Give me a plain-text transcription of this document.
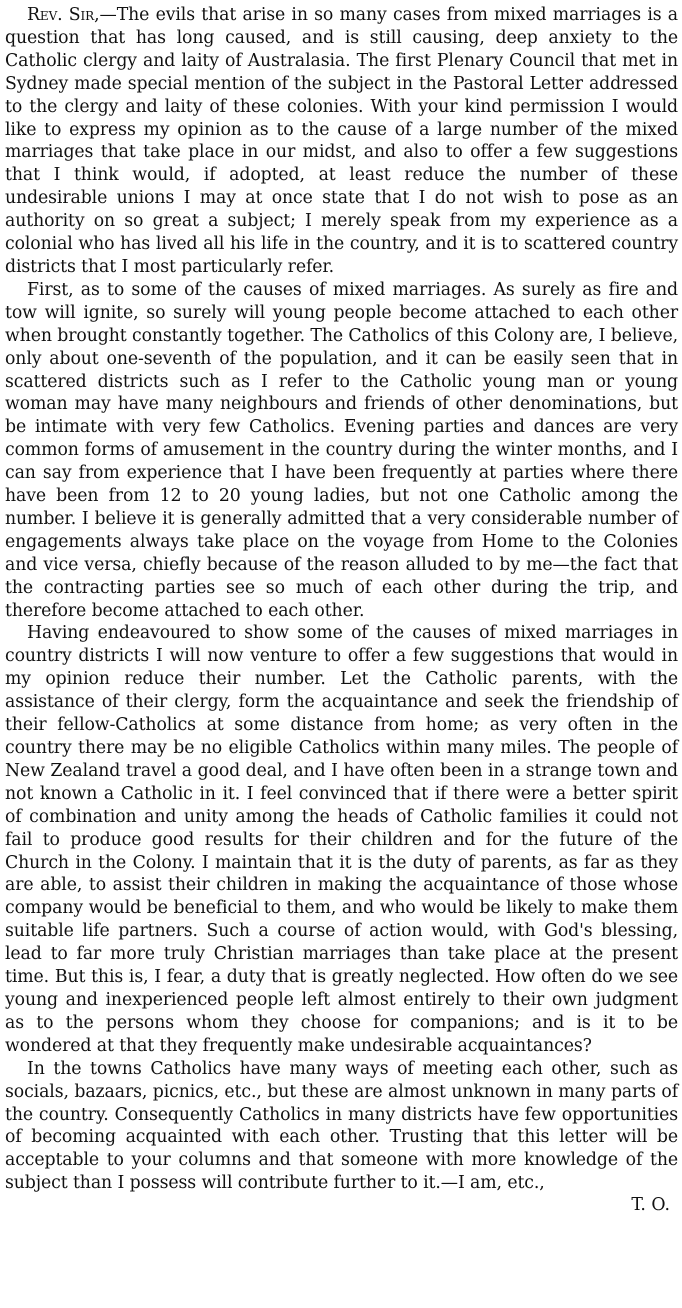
Rev. Sir,—The evils that arise in so many cases from mixed marriages is a question that has long caused, and is still causing, deep anxiety to the Catholic clergy and laity of Australasia. The first Plenary Council that met in Sydney made special mention of the subject in the Pastoral Letter addressed to the clergy and laity of these colonies. With your kind permission I would like to express my opinion as to the cause of a large number of the mixed marriages that take place in our midst, and also to offer a few suggestions that I think would, if adopted, at least reduce the number of these undesirable unions I may at once state that I do not wish to pose as an authority on so great a subject; I merely speak from my experience as a colonial who has lived all his life in the country, and it is to scattered country districts that I most particularly refer.

First, as to some of the causes of mixed marriages. As surely as fire and tow will ignite, so surely will young people become attached to each other when brought constantly together. The Catholics of this Colony are, I believe, only about one-seventh of the population, and it can be easily seen that in scattered districts such as I refer to the Catholic young man or young woman may have many neighbours and friends of other denominations, but be intimate with very few Catholics. Evening parties and dances are very common forms of amusement in the country during the winter months, and I can say from experience that I have been frequently at parties where there have been from 12 to 20 young ladies, but not one Catholic among the number. I believe it is generally admitted that a very considerable number of engagements always take place on the voyage from Home to the Colonies and vice versa, chiefly because of the reason alluded to by me—the fact that the contracting parties see so much of each other during the trip, and therefore become attached to each other.

Having endeavoured to show some of the causes of mixed marriages in country districts I will now venture to offer a few suggestions that would in my opinion reduce their number. Let the Catholic parents, with the assistance of their clergy, form the acquaintance and seek the friendship of their fellow-Catholics at some distance from home; as very often in the country there may be no eligible Catholics within many miles. The people of New Zealand travel a good deal, and I have often been in a strange town and not known a Catholic in it. I feel convinced that if there were a better spirit of combination and unity among the heads of Catholic families it could not fail to produce good results for their children and for the future of the Church in the Colony. I maintain that it is the duty of parents, as far as they are able, to assist their children in making the acquaintance of those whose company would be beneficial to them, and who would be likely to make them suitable life partners. Such a course of action would, with God's blessing, lead to far more truly Christian marriages than take place at the present time. But this is, I fear, a duty that is greatly neglected. How often do we see young and inexperienced people left almost entirely to their own judgment as to the persons whom they choose for companions; and is it to be wondered at that they frequently make undesirable acquaintances?

In the towns Catholics have many ways of meeting each other, such as socials, bazaars, picnics, etc., but these are almost unknown in many parts of the country. Consequently Catholics in many districts have few opportunities of becoming acquainted with each other. Trusting that this letter will be acceptable to your columns and that someone with more knowledge of the subject than I possess will contribute further to it.—I am, etc.,

T. O.
